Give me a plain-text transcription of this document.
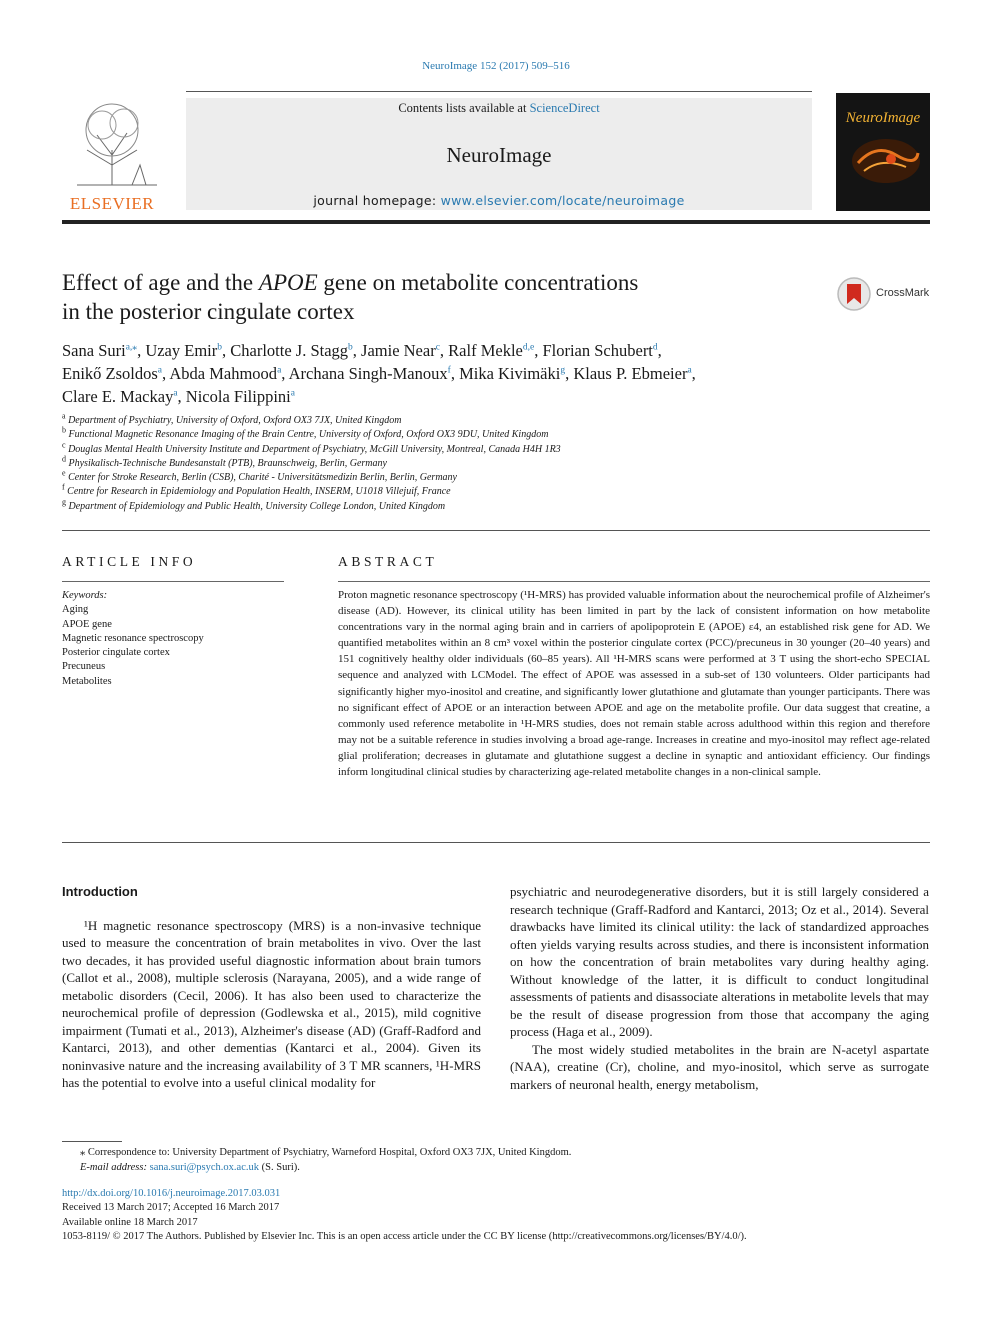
NeuroImage 152 (2017) 509–516
ELSEVIER
Contents lists available at ScienceDirect
NeuroImage
journal homepage: www.elsevier.com/locate/neuroimage
NeuroImage
Effect of age and the APOE gene on metabolite concentrations
in the posterior cingulate cortex
CrossMark
Sana Suri$^{a,⁎}$, Uzay Emir$^b$, Charlotte J. Stagg$^b$, Jamie Near$^c$, Ralf Mekle$^{d,e}$, Florian Schubert$^d$,
Enikő Zsoldos$^a$, Abda Mahmood$^a$, Archana Singh-Manoux$^f$, Mika Kivimäki$^g$, Klaus P. Ebmeier$^a$,
Clare E. Mackay$^a$, Nicola Filippini$^a$
$^a$ Department of Psychiatry, University of Oxford, Oxford OX3 7JX, United Kingdom
$^b$ Functional Magnetic Resonance Imaging of the Brain Centre, University of Oxford, Oxford OX3 9DU, United Kingdom
$^c$ Douglas Mental Health University Institute and Department of Psychiatry, McGill University, Montreal, Canada H4H 1R3
$^d$ Physikalisch-Technische Bundesanstalt (PTB), Braunschweig, Berlin, Germany
$^e$ Center for Stroke Research, Berlin (CSB), Charité - Universitätsmedizin Berlin, Berlin, Germany
$^f$ Centre for Research in Epidemiology and Population Health, INSERM, U1018 Villejuif, France
$^g$ Department of Epidemiology and Public Health, University College London, United Kingdom
ARTICLE INFO
Keywords:
Aging
APOE gene
Magnetic resonance spectroscopy
Posterior cingulate cortex
Precuneus
Metabolites
ABSTRACT

Proton magnetic resonance spectroscopy (¹H-MRS) has provided valuable information about the neurochemical profile of Alzheimer's disease (AD). However, its clinical utility has been limited in part by the lack of consistent information on how metabolite concentrations vary in the normal aging brain and in carriers of apolipoprotein E (APOE) ε4, an established risk gene for AD. We quantified metabolites within an 8 cm³ voxel within the posterior cingulate cortex (PCC)/precuneus in 30 younger (20–40 years) and 151 cognitively healthy older individuals (60–85 years). All ¹H-MRS scans were performed at 3 T using the short-echo SPECIAL sequence and analyzed with LCModel. The effect of APOE was assessed in a sub-set of 130 volunteers. Older participants had significantly higher myo-inositol and creatine, and significantly lower glutathione and glutamate than younger participants. There was no significant effect of APOE or an interaction between APOE and age on the metabolite profile. Our data suggest that creatine, a commonly used reference metabolite in ¹H-MRS studies, does not remain stable across adulthood within this region and therefore may not be a suitable reference in studies involving a broad age-range. Increases in creatine and myo-inositol may reflect age-related glial proliferation; decreases in glutamate and glutathione suggest a decline in synaptic and antioxidant efficiency. Our findings inform longitudinal clinical studies by characterizing age-related metabolite changes in a non-clinical sample.

Introduction

¹H magnetic resonance spectroscopy (MRS) is a non-invasive technique used to measure the concentration of brain metabolites in vivo. Over the last two decades, it has provided useful diagnostic information about brain tumors (Callot et al., 2008), multiple sclerosis (Narayana, 2005), and a wide range of metabolic disorders (Cecil, 2006). It has also been used to characterize the neurochemical profile of depression (Godlewska et al., 2015), mild cognitive impairment (Tumati et al., 2013), Alzheimer's disease (AD) (Graff-Radford and Kantarci, 2013), and other dementias (Kantarci et al., 2004). Given its noninvasive nature and the increasing availability of 3 T MR scanners, ¹H-MRS has the potential to evolve into a useful clinical modality for

psychiatric and neurodegenerative disorders, but it is still largely considered a research technique (Graff-Radford and Kantarci, 2013; Oz et al., 2014). Several drawbacks have limited its clinical utility: the lack of standardized approaches often yields varying results across studies, and there is inconsistent information on how the concentration of brain metabolites vary during healthy aging. Without knowledge of the latter, it is difficult to conduct longitudinal assessments of patients and disassociate alterations in metabolite levels that may be the result of disease progression from those that accompany the aging process (Haga et al., 2009).

The most widely studied metabolites in the brain are N-acetyl aspartate (NAA), creatine (Cr), choline, and myo-inositol, which serve as surrogate markers of neuronal health, energy metabolism,

⁎ Correspondence to: University Department of Psychiatry, Warneford Hospital, Oxford OX3 7JX, United Kingdom.
E-mail address: sana.suri@psych.ox.ac.uk (S. Suri).
http://dx.doi.org/10.1016/j.neuroimage.2017.03.031
Received 13 March 2017; Accepted 16 March 2017
Available online 18 March 2017
1053-8119/ © 2017 The Authors. Published by Elsevier Inc. This is an open access article under the CC BY license (http://creativecommons.org/licenses/BY/4.0/).
